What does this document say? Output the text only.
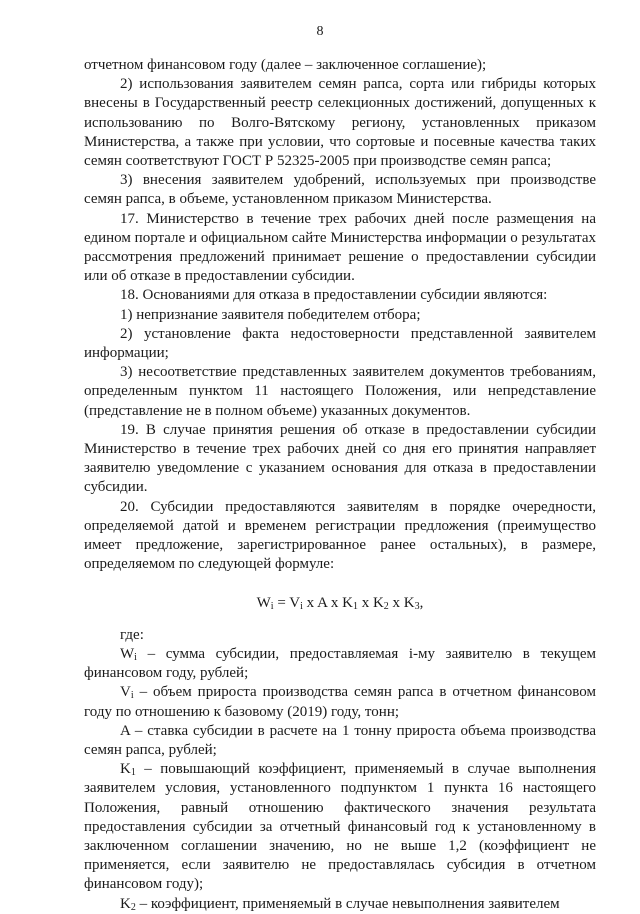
8

отчетном финансовом году (далее – заключенное соглашение);

2) использования заявителем семян рапса, сорта или гибриды которых внесены в Государственный реестр селекционных достижений, допущенных к использованию по Волго-Вятскому региону, установленных приказом Министерства, а также при условии, что сортовые и посевные качества таких семян соответствуют ГОСТ Р 52325-2005 при производстве семян рапса;

3) внесения заявителем удобрений, используемых при производстве семян рапса, в объеме, установленном приказом Министерства.

17. Министерство в течение трех рабочих дней после размещения на едином портале и официальном сайте Министерства информации о результатах рассмотрения предложений принимает решение о предоставлении субсидии или об отказе в предоставлении субсидии.

18. Основаниями для отказа в предоставлении субсидии являются:

1) непризнание заявителя победителем отбора;

2) установление факта недостоверности представленной заявителем информации;

3) несоответствие представленных заявителем документов требованиям, определенным пунктом 11 настоящего Положения, или непредставление (представление не в полном объеме) указанных документов.

19. В случае принятия решения об отказе в предоставлении субсидии Министерство в течение трех рабочих дней со дня его принятия направляет заявителю уведомление с указанием основания для отказа в предоставлении субсидии.

20. Субсидии предоставляются заявителям в порядке очередности, определяемой датой и временем регистрации предложения (преимущество имеет предложение, зарегистрированное ранее остальных), в размере, определяемом по следующей формуле:

$W_i = V_i$ x A x $K_1$ x $K_2$ x $K_3$,

где:

$W_i$ – сумма субсидии, предоставляемая i-му заявителю в текущем финансовом году, рублей;

$V_i$ – объем прироста производства семян рапса в отчетном финансовом году по отношению к базовому (2019) году, тонн;

A – ставка субсидии в расчете на 1 тонну прироста объема производства семян рапса, рублей;

$K_1$ – повышающий коэффициент, применяемый в случае выполнения заявителем условия, установленного подпунктом 1 пункта 16 настоящего Положения, равный отношению фактического значения результата предоставления субсидии за отчетный финансовый год к установленному в заключенном соглашении значению, но не выше 1,2 (коэффициент не применяется, если заявителю не предоставлялась субсидия в отчетном финансовом году);

$K_2$ – коэффициент, применяемый в случае невыполнения заявителем
